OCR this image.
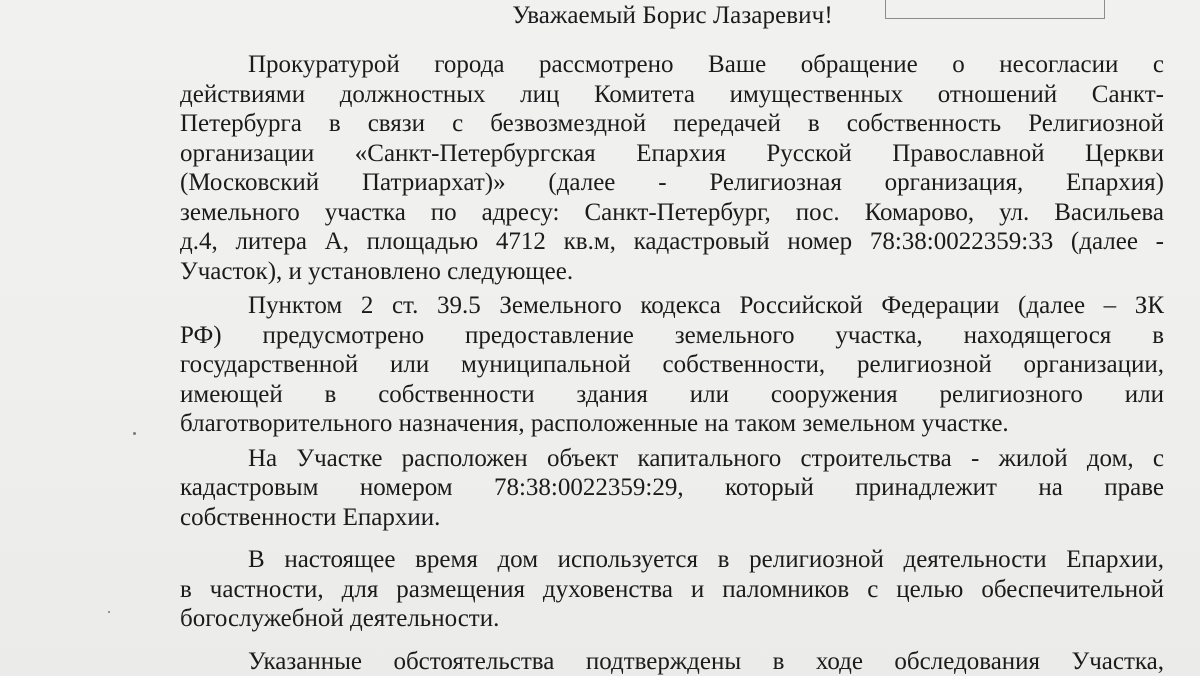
Уважаемый Борис Лазаревич!

Прокуратурой города рассмотрено Ваше обращение о несогласии с
действиями должностных лиц Комитета имущественных отношений Санкт-
Петербурга в связи с безвозмездной передачей в собственность Религиозной
организации «Санкт-Петербургская Епархия Русской Православной Церкви
(Московский Патриархат)» (далее - Религиозная организация, Епархия)
земельного участка по адресу: Санкт-Петербург, пос. Комарово, ул. Васильева
д.4, литера А, площадью 4712 кв.м, кадастровый номер 78:38:0022359:33 (далее -
Участок), и установлено следующее.

Пунктом 2 ст. 39.5 Земельного кодекса Российской Федерации (далее – ЗК
РФ) предусмотрено предоставление земельного участка, находящегося в
государственной или муниципальной собственности, религиозной организации,
имеющей в собственности здания или сооружения религиозного или
благотворительного назначения, расположенные на таком земельном участке.

На Участке расположен объект капитального строительства - жилой дом, с
кадастровым номером 78:38:0022359:29, который принадлежит на праве
собственности Епархии.

В настоящее время дом используется в религиозной деятельности Епархии,
в частности, для размещения духовенства и паломников с целью обеспечительной
богослужебной деятельности.

Указанные обстоятельства подтверждены в ходе обследования Участка,
